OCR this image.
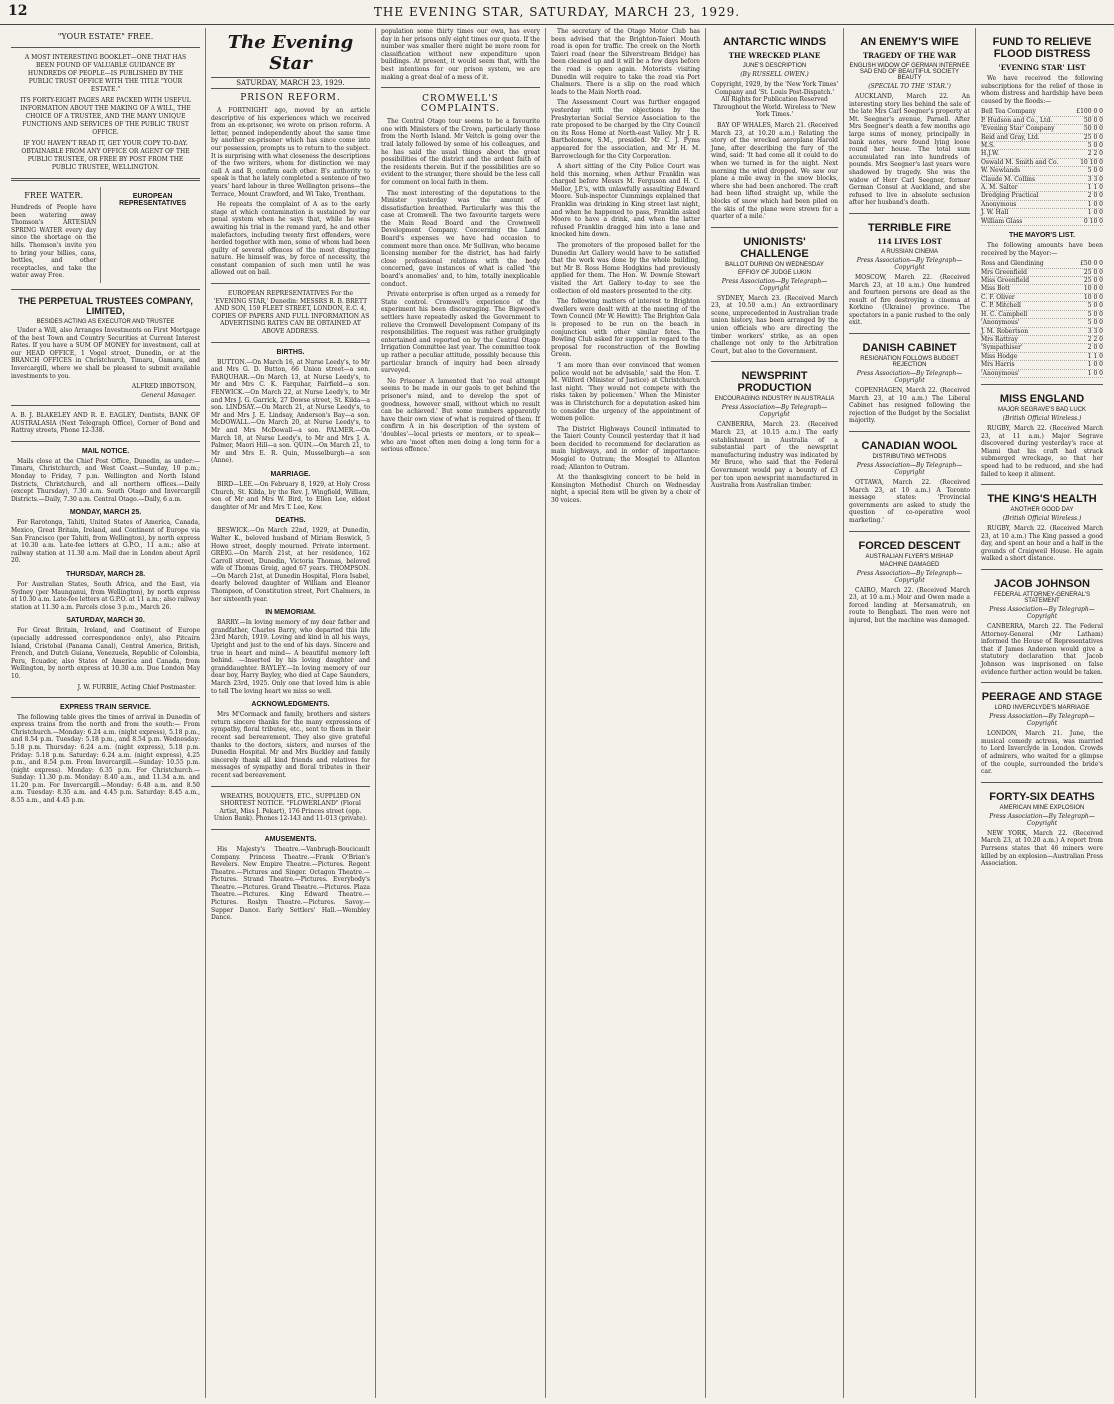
12	THE EVENING STAR, SATURDAY, MARCH 23, 1929.
"YOUR ESTATE" FREE.
A MOST INTERESTING BOOKLET—ONE THAT HAS BEEN FOUND OF VALUABLE GUIDANCE BY HUNDREDS OF PEOPLE—IS PUBLISHED BY THE PUBLIC TRUST OFFICE WITH THE TITLE "YOUR ESTATE."
ITS FORTY-EIGHT PAGES ARE PACKED WITH USEFUL INFORMATION ABOUT THE MAKING OF A WILL, THE CHOICE OF A TRUSTEE, AND THE MANY UNIQUE FUNCTIONS AND SERVICES OF THE PUBLIC TRUST OFFICE.
IF YOU HAVEN'T READ IT, GET YOUR COPY TO-DAY. OBTAINABLE FROM ANY OFFICE OR AGENT OF THE PUBLIC TRUSTEE, OR FREE BY POST FROM THE PUBLIC TRUSTEE, WELLINGTON.
FREE WATER.

Hundreds of People have been watering away Thomson's ARTESIAN SPRING WATER every day since the shortage on the hills. Thomson's invite you to bring your billies, cans, bottles, and other receptacles, and take the water away Free.

EUROPEAN REPRESENTATIVES
THE PERPETUAL TRUSTEES COMPANY, LIMITED,
BESIDES ACTING AS EXECUTOR AND TRUSTEE

Under a Will, also Arranges Investments on First Mortgage of the best Town and Country Securities at Current Interest Rates. If you have a SUM OF MONEY for investment, call at our HEAD OFFICE, 1 Vogel street, Dunedin, or at the BRANCH OFFICES in Christchurch, Timaru, Oamaru, and Invercargill, where we shall be pleased to submit available investments to you.

ALFRED IBBOTSON,
General Manager.

A. B. J. BLAKELEY AND R. E. EAGLEY, Dentists, BANK OF AUSTRALASIA (Next Telegraph Office), Corner of Bond and Rattray streets, Phone 12-338.

MAIL NOTICE.

Mails close at the Chief Post Office, Dunedin, as under:— Timaru, Christchurch, and West Coast.—Sunday, 10 p.m.; Monday to Friday, 7 p.m. Wellington and North Island Districts, Christchurch, and all northern offices.—Daily (except Thursday), 7.30 a.m. South Otago and Invercargill Districts.—Daily, 7.30 a.m. Central Otago.—Daily, 6 a.m.

MONDAY, MARCH 25.

For Rarotonga, Tahiti, United States of America, Canada, Mexico, Great Britain, Ireland, and Continent of Europe via San Francisco (per Tahiti, from Wellington), by north express at 10.30 a.m. Late-fee letters at G.P.O., 11 a.m.; also at railway station at 11.30 a.m. Mail due in London about April 20.

THURSDAY, MARCH 28.

For Australian States, South Africa, and the East, via Sydney (per Maunganui, from Wellington), by north express at 10.30 a.m. Late-fee letters at G.P.O. at 11 a.m.; also railway station at 11.30 a.m. Parcels close 3 p.m., March 26.

SATURDAY, MARCH 30.

For Great Britain, Ireland, and Continent of Europe (specially addressed correspondence only), also Pitcairn Island, Cristobal (Panama Canal), Central America, British, French, and Dutch Guiana, Venezuela, Republic of Colombia, Peru, Ecuador, also States of America and Canada, from Wellington, by north express at 10.30 a.m. Due London May 10.

J. W. FURBIE, Acting Chief Postmaster.
EXPRESS TRAIN SERVICE.

The following table gives the times of arrival in Dunedin of express trains from the north and from the south:— From Christchurch.—Monday: 6.24 a.m. (night express), 5.18 p.m., and 8.54 p.m. Tuesday: 5.18 p.m., and 8.54 p.m. Wednesday: 5.18 p.m. Thursday: 6.24 a.m. (night express), 5.18 p.m. Friday: 5.18 p.m. Saturday: 6.24 a.m. (night express), 4.25 p.m., and 8.54 p.m. From Invercargill.—Sunday: 10.55 p.m. (night express). Monday: 6.35 p.m. For Christchurch.—Sunday: 11.30 p.m. Monday: 8.40 a.m., and 11.34 a.m. and 11.20 p.m. For Invercargill.—Monday: 6.48 a.m. and 8.50 a.m. Tuesday: 8.35 a.m. and 4.45 p.m. Saturday: 8.45 a.m., 8.55 a.m., and 4.45 p.m.

The Evening Star
SATURDAY, MARCH 23, 1929.
PRISON REFORM.

A FORTNIGHT ago, moved by an article descriptive of his experiences which we received from an ex-prisoner, we wrote on prison reform. A letter, penned independently about the same time by another ex-prisoner which has since come into our possession, prompts us to return to the subject. It is surprising with what closeness the descriptions of the two writers, whom for distinction we may call A and B, confirm each other. B's authority to speak is that he lately completed a sentence of two years' hard labour in three Wellington prisons—the Terrace, Mount Crawford, and Wi Tako, Trentham.

He repeats the complaint of A as to the early stage at which contamination is sustained by our penal system when he says that, while he was awaiting his trial in the remand yard, he and other malefactors, including twenty first offenders, were herded together with men, some of whom had been guilty of several offences of the most disgusting nature. He himself was, by force of necessity, the constant companion of such men until he was allowed out on bail.

EUROPEAN REPRESENTATIVES For the 'EVENING STAR,' Dunedin: MESSRS R. B. BRETT AND SON, 159 FLEET STREET, LONDON, E.C. 4, COPIES OF PAPERS AND FULL INFORMATION AS ADVERTISING RATES CAN BE OBTAINED AT ABOVE ADDRESS.

BIRTHS.

BUTTON.—On March 16, at Nurse Leedy's, to Mr and Mrs G. D. Button, 66 Union street—a son. FARQUHAR.—On March 13, at Nurse Leedy's, to Mr and Mrs C. K. Farquhar, Fairfield—a son. FENWICK.—On March 22, at Nurse Leedy's, to Mr and Mrs J. G. Garrick, 27 Dowse street, St. Kilda—a son. LINDSAY.—On March 21, at Nurse Leedy's, to Mr and Mrs J. E. Lindsay, Anderson's Bay—a son. McDOWALL.—On March 20, at Nurse Leedy's, to Mr and Mrs McDowall—a son. PALMER.—On March 18, at Nurse Leedy's, to Mr and Mrs J. A. Palmer, Maori Hill—a son. QUIN.—On March 21, to Mr and Mrs E. R. Quin, Musselburgh—a son (Anne).

MARRIAGE.

BIRD—LEE.—On February 8, 1929, at Holy Cross Church, St. Kilda, by the Rev. J. Wingfield, William, son of Mr and Mrs W. Bird, to Ellen Lee, eldest daughter of Mr and Mrs T. Lee, Kew.

DEATHS.

BESWICK.—On March 22nd, 1929, at Dunedin, Walter K., beloved husband of Miriam Beswick, 5 Howe street, deeply mourned. Private interment. GREIG.—On March 21st, at her residence, 162 Carroll street, Dunedin, Victoria Thomas, beloved wife of Thomas Greig, aged 67 years. THOMPSON.—On March 21st, at Dunedin Hospital, Flora Isabel, dearly beloved daughter of William and Eleanor Thompson, of Constitution street, Port Chalmers, in her sixteenth year.

IN MEMORIAM.

BARRY.—In loving memory of my dear father and grandfather, Charles Barry, who departed this life 23rd March, 1919. Loving and kind in all his ways, Upright and just to the end of his days. Sincere and true in heart and mind— A beautiful memory left behind. —Inserted by his loving daughter and granddaughter. BAYLEY.—In loving memory of our dear boy, Harry Bayley, who died at Cape Saunders, March 23rd, 1925. Only one that loved him is able to tell The loving heart we miss so well.

ACKNOWLEDGMENTS.

Mrs M'Cormack and family, brothers and sisters return sincere thanks for the many expressions of sympathy, floral tributes, etc., sent to them in their recent sad bereavement. They also give grateful thanks to the doctors, sisters, and nurses of the Dunedin Hospital. Mr and Mrs Buckley and family sincerely thank all kind friends and relatives for messages of sympathy and floral tributes in their recent sad bereavement.

WREATHS, BOUQUETS, ETC., SUPPLIED ON SHORTEST NOTICE. "FLOWERLAND" (Floral Artist, Miss J. Pekart), 176 Princes street (opp. Union Bank). Phones 12-143 and 11-013 (private).

AMUSEMENTS.

His Majesty's Theatre.—Vanbrugh-Boucicault Company. Princess Theatre.—Frank O'Brian's Revelers. New Empire Theatre.—Pictures. Regent Theatre.—Pictures and Singer. Octagon Theatre.—Pictures. Strand Theatre.—Pictures. Everybody's Theatre.—Pictures. Grand Theatre.—Pictures. Plaza Theatre.—Pictures. King Edward Theatre.—Pictures. Roslyn Theatre.—Pictures. Savoy.—Supper Dance. Early Settlers' Hall.—Wembley Dance.

population some thirty times our own, has every day in her prisons only eight times our quota. If the number was smaller there might be more room for classification without new expenditure upon buildings. At present, it would seem that, with the best intentions for our prison system, we are making a great deal of a mess of it.

CROMWELL'S COMPLAINTS.

The Central Otago tour seems to be a favourite one with Ministers of the Crown, particularly those from the North Island. Mr Veitch is going over the trail lately followed by some of his colleagues, and he has said the usual things about the great possibilities of the district and the ardent faith of the residents therein. But if the possibilities are so evident to the stranger, there should be the less call for comment on local faith in them.

The most interesting of the deputations to the Minister yesterday was the amount of dissatisfaction breathed. Particularly was this the case at Cromwell. The two favourite targets were the Main Road Board and the Crownwell Development Company. Concerning the Land Board's expenses we have had occasion to comment more than once. Mr Sullivan, who became licensing member for the district, has had fairly close professional relations with the body concerned, gave instances of what is called 'the board's anomalies' and, to him, totally inexplicable conduct.

Private enterprise is often urged as a remedy for State control. Cromwell's experience of the experiment his been discouraging. The Bigwood's settlers have repeatedly asked the Government to relieve the Cromwell Development Company of its responsibilities. The request was rather grudgingly entertained and reported on by the Central Otago Irrigation Committee last year. The committee took up rather a peculiar attitude, possibly because this particular branch of inquiry had been already surveyed.

No Prisoner A lamented that 'no real attempt seems to be made in our gaols to get behind the prisoner's mind, and to develop the spot of goodness, however small, without which no result can be achieved.' But some numbers apparently have their own view of what is required of them. If confirm A in his description of the system of 'doubles'—local priests or mentors, or to speak—who are 'most often men doing a long term for a serious offence.'

The secretary of the Otago Motor Club has been advised that the Brighton-Taieri Mouth road is open for traffic. The creek on the North Taieri road (near the Silverstream Bridge) has been cleaned up and it will be a few days before the road is open again. Motorists visiting Dunedin will require to take the road via Port Chalmers. There is a slip on the road which leads to the Main North road.

The Assessment Court was further engaged yesterday with the objections by the Presbyterian Social Service Association to the rate proposed to be charged by the City Council on its Ross Home at North-east Valley. Mr J. R. Bartholomew, S.M., presided. Mr C. J. Pyms appeared for the association, and Mr H. M. Barrowclough for the City Corporation.

A short sitting of the City Police Court was held this morning, when Arthur Franklin was charged before Messrs M. Ferguson and H. C. Mellor, J.P.'s, with unlawfully assaulting Edward Moore. Sub-inspector Cummings explained that Franklin was drinking in King street last night, and when he happened to pass, Franklin asked Moore to have a drink, and when the latter refused Franklin dragged him into a lane and knocked him down.

The promoters of the proposed ballet for the Dunedin Art Gallery would have to be satisfied that the work was done by the whole building, but Mr B. Ross Home Hodgkins had previously applied for them. The Hon. W. Downie Stewart visited the Art Gallery to-day to see the collection of old masters presented to the city.

The following matters of interest to Brighton dwellers were dealt with at the meeting of the Town Council (Mr W. Hewitt): The Brighton Gala is proposed to be run on the beach in conjunction with other similar fetes. The Bowling Club asked for support in regard to the proposal for reconstruction of the Bowling Green.

'I am more than ever convinced that women police would not be advisable,' said the Hon. T. M. Wilford (Minister of Justice) at Christchurch last night. 'They would not compete with the risks taken by policemen.' When the Minister was in Christchurch for a deputation asked him to consider the urgency of the appointment of women police.

The District Highways Council intimated to the Taieri County Council yesterday that it had been decided to recommend for declaration as main highways, and in order of importance: Mosgiel to Outram; the Mosgiel to Allanton road; Allanton to Outram.

At the thanksgiving concert to be held in Kensington Methodist Church on Wednesday night, a special item will be given by a choir of 30 voices.

ANTARCTIC WINDS
THE WRECKED PLANE
JUNE'S DESCRIPTION
(By RUSSELL OWEN.)

Copyright, 1929, by the 'New York Times' Company and 'St. Louis Post-Dispatch.' All Rights for Publication Reserved Throughout the World. Wireless to 'New York Times.'

BAY OF WHALES, March 21. (Received March 23, at 10.20 a.m.) Relating the story of the wrecked aeroplane Harold June, after describing the fury of the wind, said: 'It had come all it could to do when we turned in for the night. Next morning the wind dropped. We saw our plane a mile away in the snow blocks, where she had been anchored. The craft had been lifted straight up, while the blocks of snow which had been piled on the skis of the plane were strewn for a quarter of a mile.'

UNIONISTS' CHALLENGE
BALLOT DURING ON WEDNESDAY
EFFIGY OF JUDGE LUKIN
Press Association—By Telegraph—Copyright

SYDNEY, March 23. (Received March 23, at 10.50 a.m.) An extraordinary scene, unprecedented in Australian trade union history, has been arranged by the union officials who are directing the timber workers' strike, as an open challenge not only to the Arbitration Court, but also to the Government.

NEWSPRINT PRODUCTION
ENCOURAGING INDUSTRY IN AUSTRALIA
Press Association—By Telegraph—Copyright

CANBERRA, March 23. (Received March 23, at 10.15 a.m.) The early establishment in Australia of a substantial part of the newsprint manufacturing industry was indicated by Mr Bruce, who said that the Federal Government would pay a bounty of £3 per ton upon newsprint manufactured in Australia from Australian timber.

AN ENEMY'S WIFE
TRAGEDY OF THE WAR
ENGLISH WIDOW OF GERMAN INTERNEE SAD END OF BEAUTIFUL SOCIETY BEAUTY
(SPECIAL TO THE 'STAR.')

AUCKLAND, March 22. An interesting story lies behind the sale of the late Mrs Carl Seegner's property at Mt. Seegner's avenue, Parnell. After Mrs Seegner's death a few months ago large sums of money, principally in bank notes, were found lying loose round her house. The total sum accumulated ran into hundreds of pounds. Mrs Seegner's last years were shadowed by tragedy. She was the widow of Herr Carl Seegner, former German Consul at Auckland, and she refused to live in absolute seclusion after her husband's death.

TERRIBLE FIRE
114 LIVES LOST
A RUSSIAN CINEMA
Press Association—By Telegraph—Copyright

MOSCOW, March 22. (Received March 23, at 10 a.m.) One hundred and fourteen persons are dead as the result of fire destroying a cinema at Korkino (Ukraine) province. The spectators in a panic rushed to the only exit.

DANISH CABINET
RESIGNATION FOLLOWS BUDGET REJECTION
Press Association—By Telegraph—Copyright

COPENHAGEN, March 22. (Received March 23, at 10 a.m.) The Liberal Cabinet has resigned following the rejection of the Budget by the Socialist majority.

CANADIAN WOOL
DISTRIBUTING METHODS
Press Association—By Telegraph—Copyright

OTTAWA, March 22. (Received March 23, at 10 a.m.) A Toronto message states: 'Provincial governments are asked to study the question of co-operative wool marketing.'

FORCED DESCENT
AUSTRALIAN FLYER'S MISHAP
MACHINE DAMAGED
Press Association—By Telegraph—Copyright

CAIRO, March 22. (Received March 23, at 10 a.m.) Moir and Owen made a forced landing at Mersamatruh, en route to Benghazi. The men were not injured, but the machine was damaged.

FUND TO RELIEVE FLOOD DISTRESS
'EVENING STAR' LIST

We have received the following subscriptions for the relief of those in whom distress and hardship have been caused by the floods:—

Bell Tea Company	£100 0 0
P. Hudson and Co., Ltd.	50 0 0
'Evening Star' Company	50 0 0
Reid and Gray, Ltd.	25 0 0
M.S.	5 0 0
H.J.W.	2 2 0
Oswald M. Smith and Co.	10 10 0
W. Newlands	5 0 0
Claude M. Collins	3 3 0
A. M. Salter	1 1 0
Dredging Practical	2 0 0
Anonymous	1 0 0
J. W. Hall	1 0 0
William Glass	0 10 0
THE MAYOR'S LIST.

The following amounts have been received by the Mayor:—

Ross and Glendining	£50 0 0
Mrs Greenfield	25 0 0
Miss Greenfield	25 0 0
Miss Bott	10 0 0
C. F. Oliver	10 0 0
C. P. Mitchell	5 0 0
H. C. Campbell	5 0 0
'Anonymous'	5 0 0
J. M. Robertson	3 3 0
Mrs Rattray	2 2 0
'Sympathiser'	2 0 0
Miss Hodge	1 1 0
Mrs Harris	1 0 0
'Anonymous'	1 0 0
MISS ENGLAND
MAJOR SEGRAVE'S BAD LUCK
(British Official Wireless.)

RUGBY, March 22. (Received March 23, at 11 a.m.) Major Segrave discovered during yesterday's race at Miami that his craft had struck submerged wreckage, so that her speed had to be reduced, and she had failed to keep it aliment.

THE KING'S HEALTH
ANOTHER GOOD DAY
(British Official Wireless.)

RUGBY, March 22. (Received March 23, at 10 a.m.) The King passed a good day, and spent an hour and a half in the grounds of Craigweil House. He again walked a short distance.

JACOB JOHNSON
FEDERAL ATTORNEY-GENERAL'S STATEMENT
Press Association—By Telegraph—Copyright

CANBERRA, March 22. The Federal Attorney-General (Mr Latham) informed the House of Representatives that if James Anderson would give a statutory declaration that Jacob Johnson was imprisoned on false evidence further action would be taken.

PEERAGE AND STAGE
LORD INVERCLYDE'S MARRIAGE
Press Association—By Telegraph—Copyright

LONDON, March 21. June, the musical comedy actress, was married to Lord Inverclyde in London. Crowds of admirers, who waited for a glimpse of the couple, surrounded the bride's car.

FORTY-SIX DEATHS
AMERICAN MINE EXPLOSION
Press Association—By Telegraph—Copyright

NEW YORK, March 22. (Received March 23, at 10.20 a.m.) A report from Parrsens states that 46 miners were killed by an explosion—Australian Press Association.
